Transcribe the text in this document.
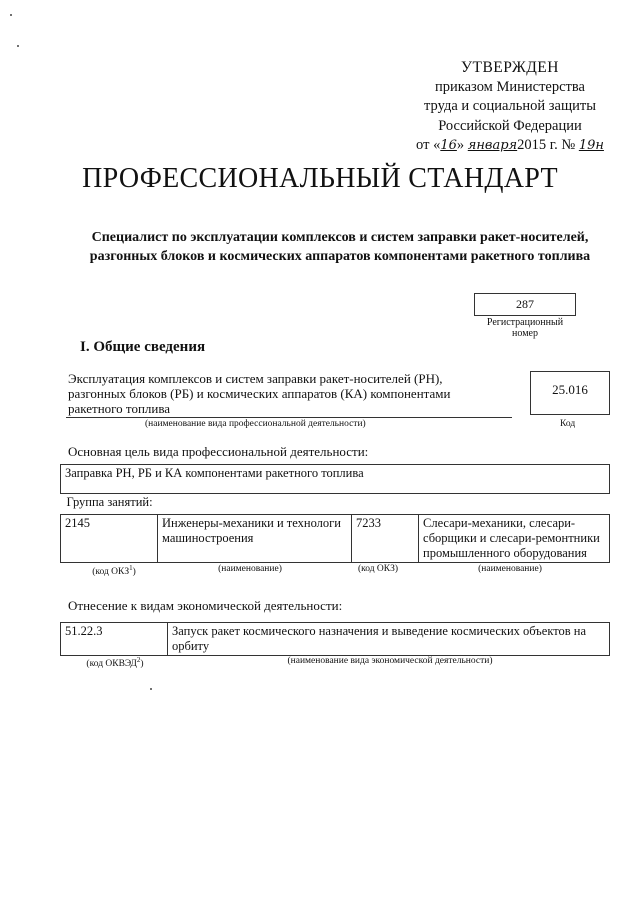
УТВЕРЖДЕН
приказом Министерства
труда и социальной защиты
Российской Федерации
от «16» января2015 г. № 19н
ПРОФЕССИОНАЛЬНЫЙ СТАНДАРТ
Специалист по эксплуатации комплексов и систем заправки ракет-носителей, разгонных блоков и космических аппаратов компонентами ракетного топлива
287
Регистрационный
номер
I. Общие сведения
Эксплуатация комплексов и систем заправки ракет-носителей (РН), разгонных блоков (РБ) и космических аппаратов (КА) компонентами ракетного топлива
(наименование вида профессиональной деятельности)
25.016
Код
Основная цель вида профессиональной деятельности:
Заправка РН, РБ и КА компонентами ракетного топлива
Группа занятий:
2145	Инженеры-механики и технологи машиностроения	7233	Слесари-механики, слесари-сборщики и слесари-ремонтники промышленного оборудования
(код ОКЗ$^1$)	(наименование)	(код ОКЗ)	(наименование)
Отнесение к видам экономической деятельности:
51.22.3	Запуск ракет космического назначения и выведение космических объектов на орбиту
(код ОКВЭД$^2$)	(наименование вида экономической деятельности)
